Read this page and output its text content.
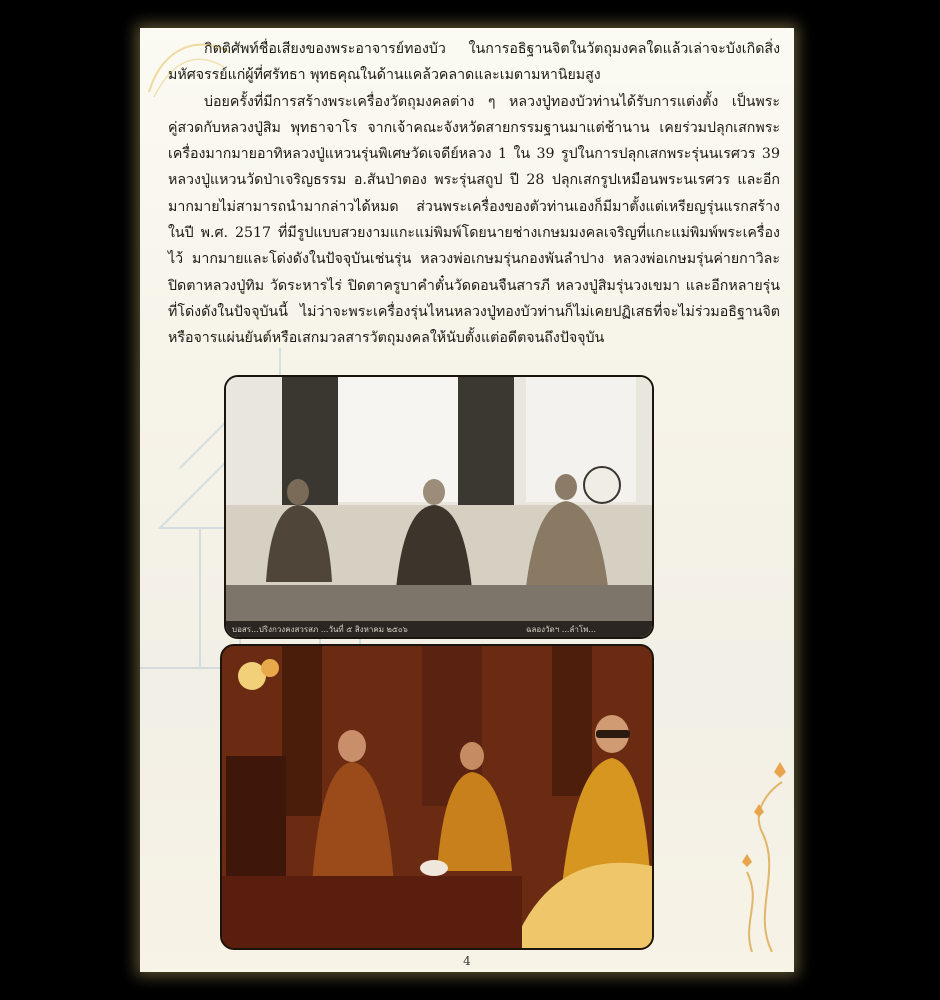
กิตติศัพท์ชื่อเสียงของพระอาจารย์ทองบัว ในการอธิฐานจิตในวัตถุมงคลใดแล้วเล่าจะบังเกิดสิ่งมหัศจรรย์แก่ผู้ที่ศรัทธา พุทธคุณในด้านแคล้วคลาดและเมตามหานิยมสูง

บ่อยครั้งที่มีการสร้างพระเครื่องวัตถุมงคลต่าง ๆ หลวงปู่ทองบัวท่านได้รับการแต่งตั้ง เป็นพระคู่สวดกับหลวงปู่สิม พุทธาจาโร จากเจ้าคณะจังหวัดสายกรรมฐานมาแต่ช้านาน เคยร่วมปลุกเสกพระเครื่องมากมายอาทิหลวงปู่แหวนรุ่นพิเศษวัดเจดีย์หลวง 1 ใน 39 รูปในการปลุกเสกพระรุ่นนเรศวร 39 หลวงปู่แหวนวัดป่าเจริญธรรม อ.สันป่าตอง พระรุ่นสถูป ปี 28 ปลุกเสกรูปเหมือนพระนเรศวร และอีกมากมายไม่สามารถนำมากล่าวได้หมด ส่วนพระเครื่องของตัวท่านเองก็มีมาตั้งแต่เหรียญรุ่นแรกสร้างในปี พ.ศ. 2517 ที่มีรูปแบบสวยงามแกะแม่พิมพ์โดยนายช่างเกษมมงคลเจริญที่แกะแม่พิมพ์พระเครื่องไว้ มากมายและโด่งดังในปัจจุบันเช่นรุ่น หลวงพ่อเกษมรุ่นกองพันลำปาง หลวงพ่อเกษมรุ่นค่ายกาวิละปิดตาหลวงปู่ทิม วัดระหารไร่ ปิดตาครูบาคำตั๋นวัดดอนจืนสารภี หลวงปู่สิมรุ่นวงเขมา และอีกหลายรุ่นที่โด่งดังในปัจจุบันนี้ ไม่ว่าจะพระเครื่องรุ่นไหนหลวงปู่ทองบัวท่านก็ไม่เคยปฏิเสธที่จะไม่ร่วมอธิฐานจิตหรือจารแผ่นยันต์หรือเสกมวลสารวัตถุมงคลให้นับตั้งแต่อดีตจนถึงปัจจุบัน

บอสร...ปริงกวงคงสวรสภ ...วันที่ ๕ สิงหาคม ๒๕๐๖	ฉลองวัดฯ ...ลำโพ...
4
